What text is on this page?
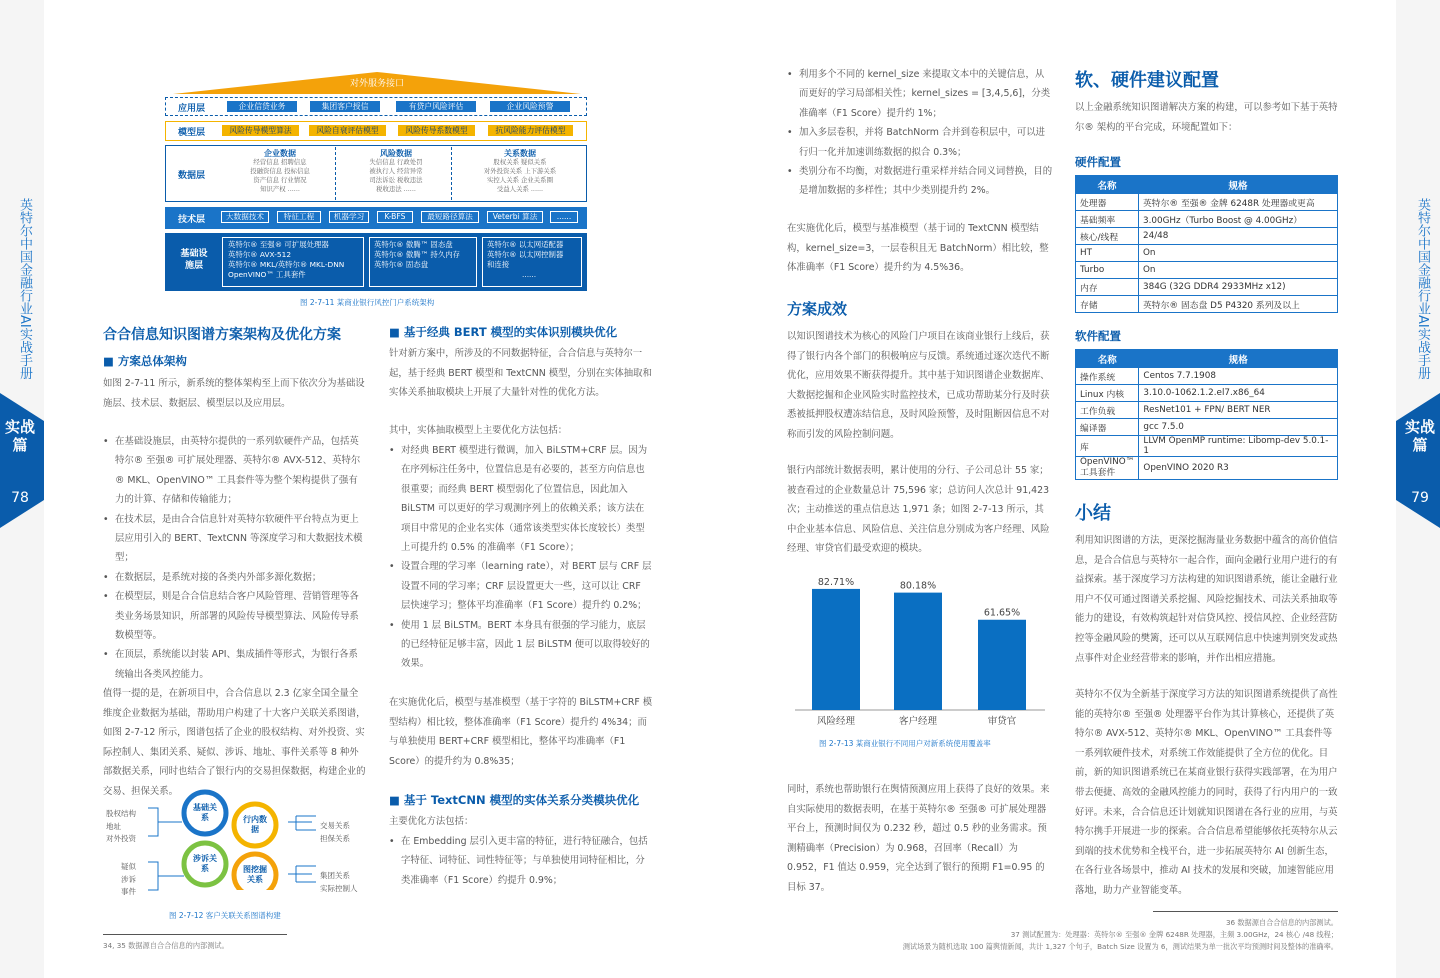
英特尔中国金融行业AI实战手册	英特尔中国金融行业AI实战手册
实战篇
78
实战篇
79
对外服务接口
应用层	企业信贷业务	集团客户授信	有贷户风险评估	企业风险预警
模型层	风险传导模型算法	风险自衰评估模型	风险传导系数模型	抗风险能力评估模型
数据层
企业数据
经营信息 招聘信息
投融资信息 投标信息
资产信息 行业情况
知识产权 ......
风险数据
失信信息 行政处罚
被执行人 经营异常
司法诉讼 税收违法
税收违法 ......
关系数据
股权关系 疑似关系
对外投资关系 上下游关系
实控人关系 企业关系圈
受益人关系 ......
技术层	大数据技术	特征工程	机器学习	K-BFS	最短路径算法	Veterbi 算法	......
基础设施层
英特尔® 至强® 可扩展处理器
英特尔® AVX-512
英特尔® MKL/英特尔® MKL-DNN
OpenVINO™ 工具套件
英特尔® 傲腾™ 固态盘
英特尔® 傲腾™ 持久内存
英特尔® 固态盘
英特尔® 以太网适配器
英特尔® 以太网控制器
和连接
......
图 2-7-11 某商业银行风控门户系统架构
合合信息知识图谱方案架构及优化方案
■ 方案总体架构
如图 2-7-11 所示，新系统的整体架构至上而下依次分为基础设施层、技术层、数据层、模型层以及应用层。
• 在基础设施层，由英特尔提供的一系列软硬件产品，包括英特尔® 至强® 可扩展处理器、英特尔® AVX-512、英特尔® MKL、OpenVINO™ 工具套件等为整个架构提供了强有力的计算、存储和传输能力；
• 在技术层，是由合合信息针对英特尔软硬件平台特点为更上层应用引入的 BERT、TextCNN 等深度学习和大数据技术模型；
• 在数据层，是系统对接的各类内外部多源化数据；
• 在模型层，则是合合信息结合客户风险管理、营销管理等各类业务场景知识，所部署的风险传导模型算法、风险传导系数模型等。
• 在顶层，系统能以封装 API、集成插件等形式，为银行各系统输出各类风控能力。
值得一提的是，在新项目中，合合信息以 2.3 亿家全国全量全维度企业数据为基础，帮助用户构建了十大客户关联关系图谱，如图 2-7-12 所示，图谱包括了企业的股权结构、对外投资、实际控制人、集团关系、疑似、涉诉、地址、事件关系等 8 种外部数据关系，同时也结合了银行内的交易担保数据，构建企业的交易、担保关系。
基础关系	行内数据
涉诉关系	图挖掘关系
股权结构
地址
对外投资
疑似
涉诉
事件
交易关系
担保关系
集团关系
实际控制人
图 2-7-12 客户关联关系图谱构建
34, 35 数据源自合合信息的内部测试。
■ 基于经典 BERT 模型的实体识别模块优化
针对新方案中，所涉及的不同数据特征，合合信息与英特尔一起，基于经典 BERT 模型和 TextCNN 模型，分别在实体抽取和实体关系抽取模块上开展了大量针对性的优化方法。
其中，实体抽取模型上主要优化方法包括：
• 对经典 BERT 模型进行微调，加入 BiLSTM+CRF 层。因为在序列标注任务中，位置信息是有必要的，甚至方向信息也很重要；而经典 BERT 模型弱化了位置信息，因此加入 BiLSTM 可以更好的学习观测序列上的依赖关系；该方法在项目中常见的企业名实体（通常该类型实体长度较长）类型上可提升约 0.5% 的准确率（F1 Score）；
• 设置合理的学习率（learning rate），对 BERT 层与 CRF 层设置不同的学习率；CRF 层设置更大一些，这可以让 CRF 层快速学习；整体平均准确率（F1 Score）提升约 0.2%；
• 使用 1 层 BiLSTM。BERT 本身具有很强的学习能力，底层的已经特征足够丰富，因此 1 层 BiLSTM 便可以取得较好的效果。
在实施优化后，模型与基准模型（基于字符的 BiLSTM+CRF 模型结构）相比较，整体准确率（F1 Score）提升约 4%34；而与单独使用 BERT+CRF 模型相比，整体平均准确率（F1 Score）的提升约为 0.8%35；
■ 基于 TextCNN 模型的实体关系分类模块优化
主要优化方法包括：
• 在 Embedding 层引入更丰富的特征，进行特征融合，包括字特征、词特征、词性特征等；与单独使用词特征相比，分类准确率（F1 Score）约提升 0.9%；
• 利用多个不同的 kernel_size 来提取文本中的关键信息，从而更好的学习局部相关性；kernel_sizes = [3,4,5,6]，分类准确率（F1 Score）提升约 1%；
• 加入多层卷积，并将 BatchNorm 合并到卷积层中，可以进行归一化并加速训练数据的拟合 0.3%；
• 类别分布不均衡，对数据进行重采样并结合同义词替换，目的是增加数据的多样性；其中少类别提升约 2%。
在实施优化后，模型与基准模型（基于词的 TextCNN 模型结构，kernel_size=3，一层卷积且无 BatchNorm）相比较，整体准确率（F1 Score）提升约为 4.5%36。
方案成效
以知识图谱技术为核心的风险门户项目在该商业银行上线后，获得了银行内各个部门的积极响应与反馈。系统通过逐次迭代不断优化，应用效果不断获得提升。其中基于知识图谱企业数据库、大数据挖掘和企业风险实时监控技术，已成功帮助某分行及时获悉被抵押股权遭冻结信息，及时风险预警，及时阻断因信息不对称而引发的风险控制问题。
银行内部统计数据表明，累计使用的分行、子公司总计 55 家；被查看过的企业数量总计 75,596 家；总访问人次总计 91,423 次；主动推送的重点信息达 1,971 条；如图 2-7-13 所示，其中企业基本信息、风险信息、关注信息分别成为客户经理、风险经理、审贷官们最受欢迎的模块。
82.71%
风险经理
80.18%
客户经理
61.65%
审贷官
图 2-7-13 某商业银行不同用户对新系统使用覆盖率
同时，系统也帮助银行在舆情预测应用上获得了良好的效果。来自实际使用的数据表明，在基于英特尔® 至强® 可扩展处理器平台上，预测时间仅为 0.232 秒，超过 0.5 秒的业务需求。预测精确率（Precision）为 0.968，召回率（Recall）为 0.952，F1 值达 0.959，完全达到了银行的预期 F1=0.95 的目标 37。
软、硬件建议配置
以上金融系统知识图谱解决方案的构建，可以参考如下基于英特尔® 架构的平台完成，环境配置如下：
硬件配置
名称	规格
处理器	英特尔® 至强® 金牌 6248R 处理器或更高
基础频率	3.00GHz（Turbo Boost @ 4.00GHz）
核心/线程	24/48
HT	On
Turbo	On
内存	384G (32G DDR4 2933MHz x12)
存储	英特尔® 固态盘 D5 P4320 系列及以上
软件配置
名称	规格
操作系统	Centos 7.7.1908
Linux 内核	3.10.0-1062.1.2.el7.x86_64
工作负载	ResNet101 + FPN/ BERT NER
编译器	gcc 7.5.0
库	LLVM OpenMP runtime: Libomp-dev 5.0.1-1
OpenVINO™ 工具套件	OpenVINO 2020 R3
小结
利用知识图谱的方法，更深挖掘海量业务数据中蕴含的高价值信息，是合合信息与英特尔一起合作，面向金融行业用户进行的有益探索。基于深度学习方法构建的知识图谱系统，能让金融行业用户不仅可通过图谱关系挖掘、风险挖掘技术、司法关系抽取等能力的建设，有效构筑起针对信贷风控、授信风控、企业经营防控等金融风险的樊篱，还可以从互联网信息中快速判别突发或热点事件对企业经营带来的影响，并作出相应措施。
英特尔不仅为全新基于深度学习方法的知识图谱系统提供了高性能的英特尔® 至强® 处理器平台作为其计算核心，还提供了英特尔® AVX-512、英特尔® MKL、OpenVINO™ 工具套件等一系列软硬件技术，对系统工作效能提供了全方位的优化。目前，新的知识图谱系统已在某商业银行获得实践部署，在为用户带去便捷、高效的金融风控能力的同时，获得了行内用户的一致好评。未来，合合信息还计划就知识图谱在各行业的应用，与英特尔携手开展进一步的探索。合合信息希望能够依托英特尔从云到端的技术优势和全栈平台，进一步拓展英特尔 AI 创新生态，在各行业各场景中，推动 AI 技术的发展和突破，加速智能应用落地，助力产业智能变革。
36 数据源自合合信息的内部测试。
37 测试配置为：处理器：英特尔® 至强® 金牌 6248R 处理器，主频 3.00GHz，24 核心 /48 线程；
测试场景为随机选取 100 篇舆情新闻，共计 1,327 个句子，Batch Size 设置为 6，测试结果为单一批次平均预测时间及整体的准确率。
